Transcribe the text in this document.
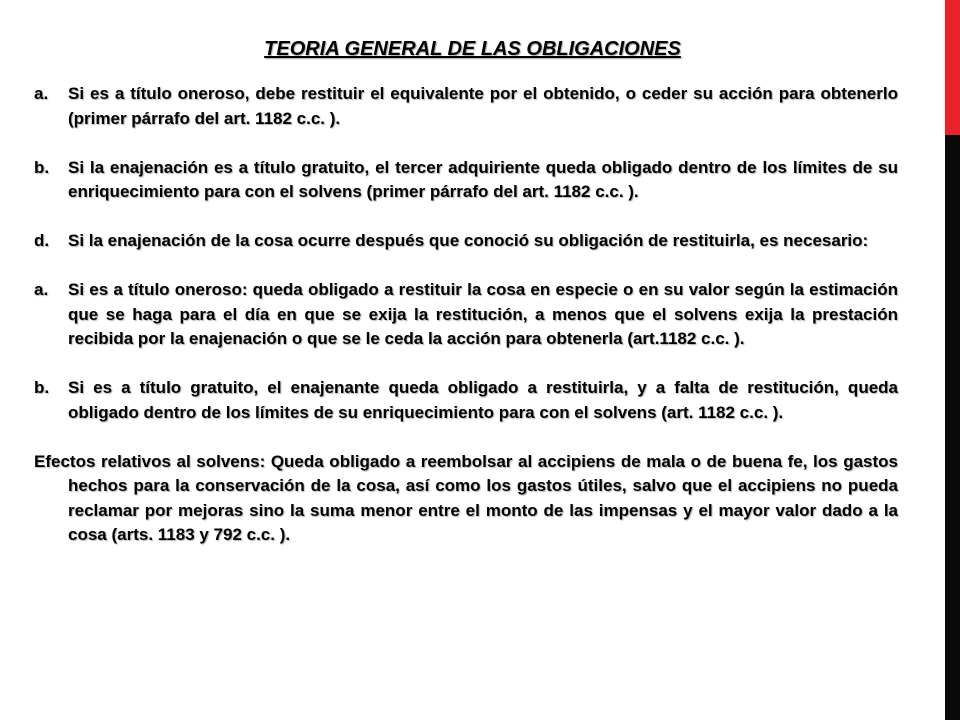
TEORIA GENERAL DE LAS OBLIGACIONES
a. Si es a título oneroso, debe restituir el equivalente por el obtenido, o ceder su acción para obtenerlo (primer párrafo del art. 1182 c.c. ).
b. Si la enajenación es a título gratuito, el tercer adquiriente queda obligado dentro de los límites de su enriquecimiento para con el solvens (primer párrafo del art. 1182 c.c. ).
d. Si la enajenación de la cosa ocurre después que conoció su obligación de restituirla, es necesario:
a. Si es a título oneroso: queda obligado a restituir la cosa en especie o en su valor según la estimación que se haga para el día en que se exija la restitución, a menos que el solvens exija la prestación recibida por la enajenación o que se le ceda la acción para obtenerla (art.1182 c.c. ).
b. Si es a título gratuito, el enajenante queda obligado a restituirla, y a falta de restitución, queda obligado dentro de los límites de su enriquecimiento para con el solvens (art. 1182 c.c. ).
Efectos relativos al solvens: Queda obligado a reembolsar al accipiens de mala o de buena fe, los gastos hechos para la conservación de la cosa, así como los gastos útiles, salvo que el accipiens no pueda reclamar por mejoras sino la suma menor entre el monto de las impensas y el mayor valor dado a la cosa (arts. 1183 y 792 c.c. ).
